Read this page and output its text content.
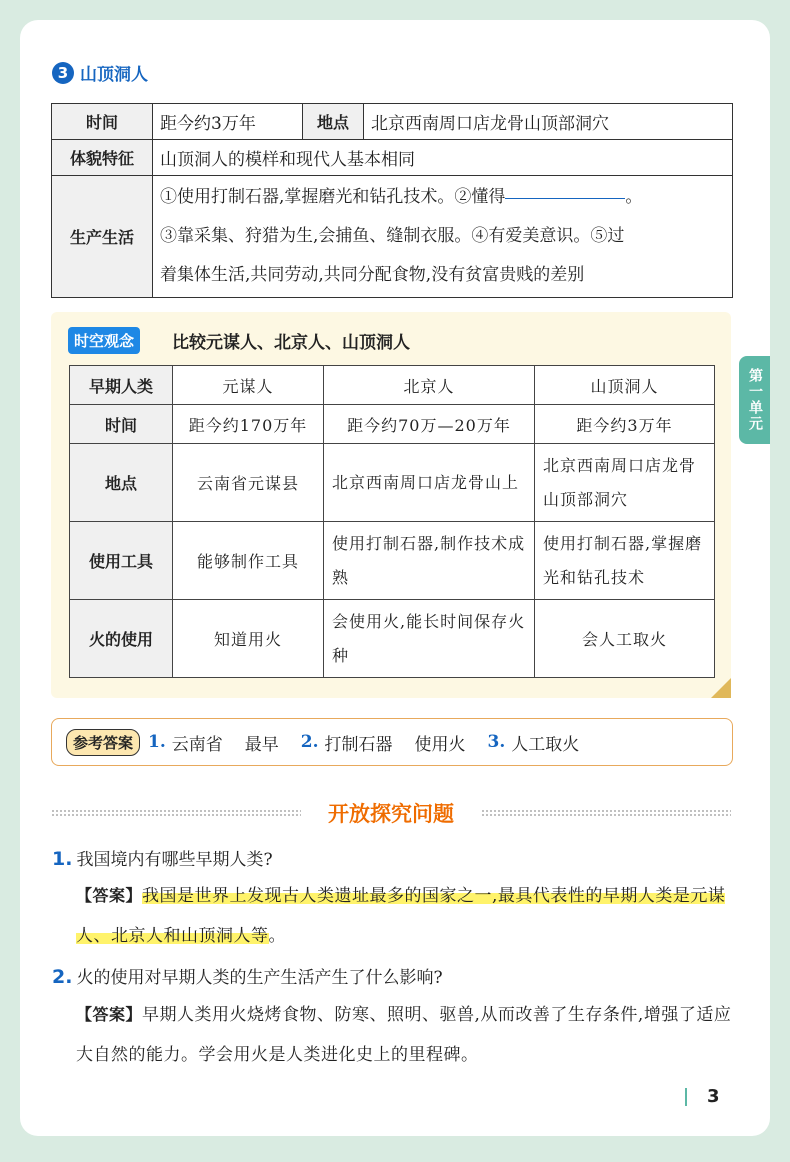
3 山顶洞人
时间	距今约3万年	地点	北京西南周口店龙骨山顶部洞穴
体貌特征	山顶洞人的模样和现代人基本相同		
生产生活	①使用打制石器,掌握磨光和钻孔技术。②懂得 。
③靠采集、狩猎为生,会捕鱼、缝制衣服。④有爱美意识。⑤过
着集体生活,共同劳动,共同分配食物,没有贫富贵贱的差别		
时空观念	比较元谋人、北京人、山顶洞人
早期人类	元谋人	北京人	山顶洞人
时间	距今约170万年	距今约70万—20万年	距今约3万年
地点	云南省元谋县	北京西南周口店龙骨山上	北京西南周口店龙骨山顶部洞穴
使用工具	能够制作工具	使用打制石器,制作技术成熟	使用打制石器,掌握磨光和钻孔技术
火的使用	知道用火	会使用火,能长时间保存火种	会人工取火
参考答案 1. 云南省 最早 2. 打制石器 使用火 3. 人工取火
开放探究问题
1. 我国境内有哪些早期人类?
【答案】我国是世界上发现古人类遗址最多的国家之一,最具代表性的早期人类是元谋人、北京人和山顶洞人等。
2. 火的使用对早期人类的生产生活产生了什么影响?
【答案】早期人类用火烧烤食物、防寒、照明、驱兽,从而改善了生存条件,增强了适应大自然的能力。学会用火是人类进化史上的里程碑。
第一单元
3
